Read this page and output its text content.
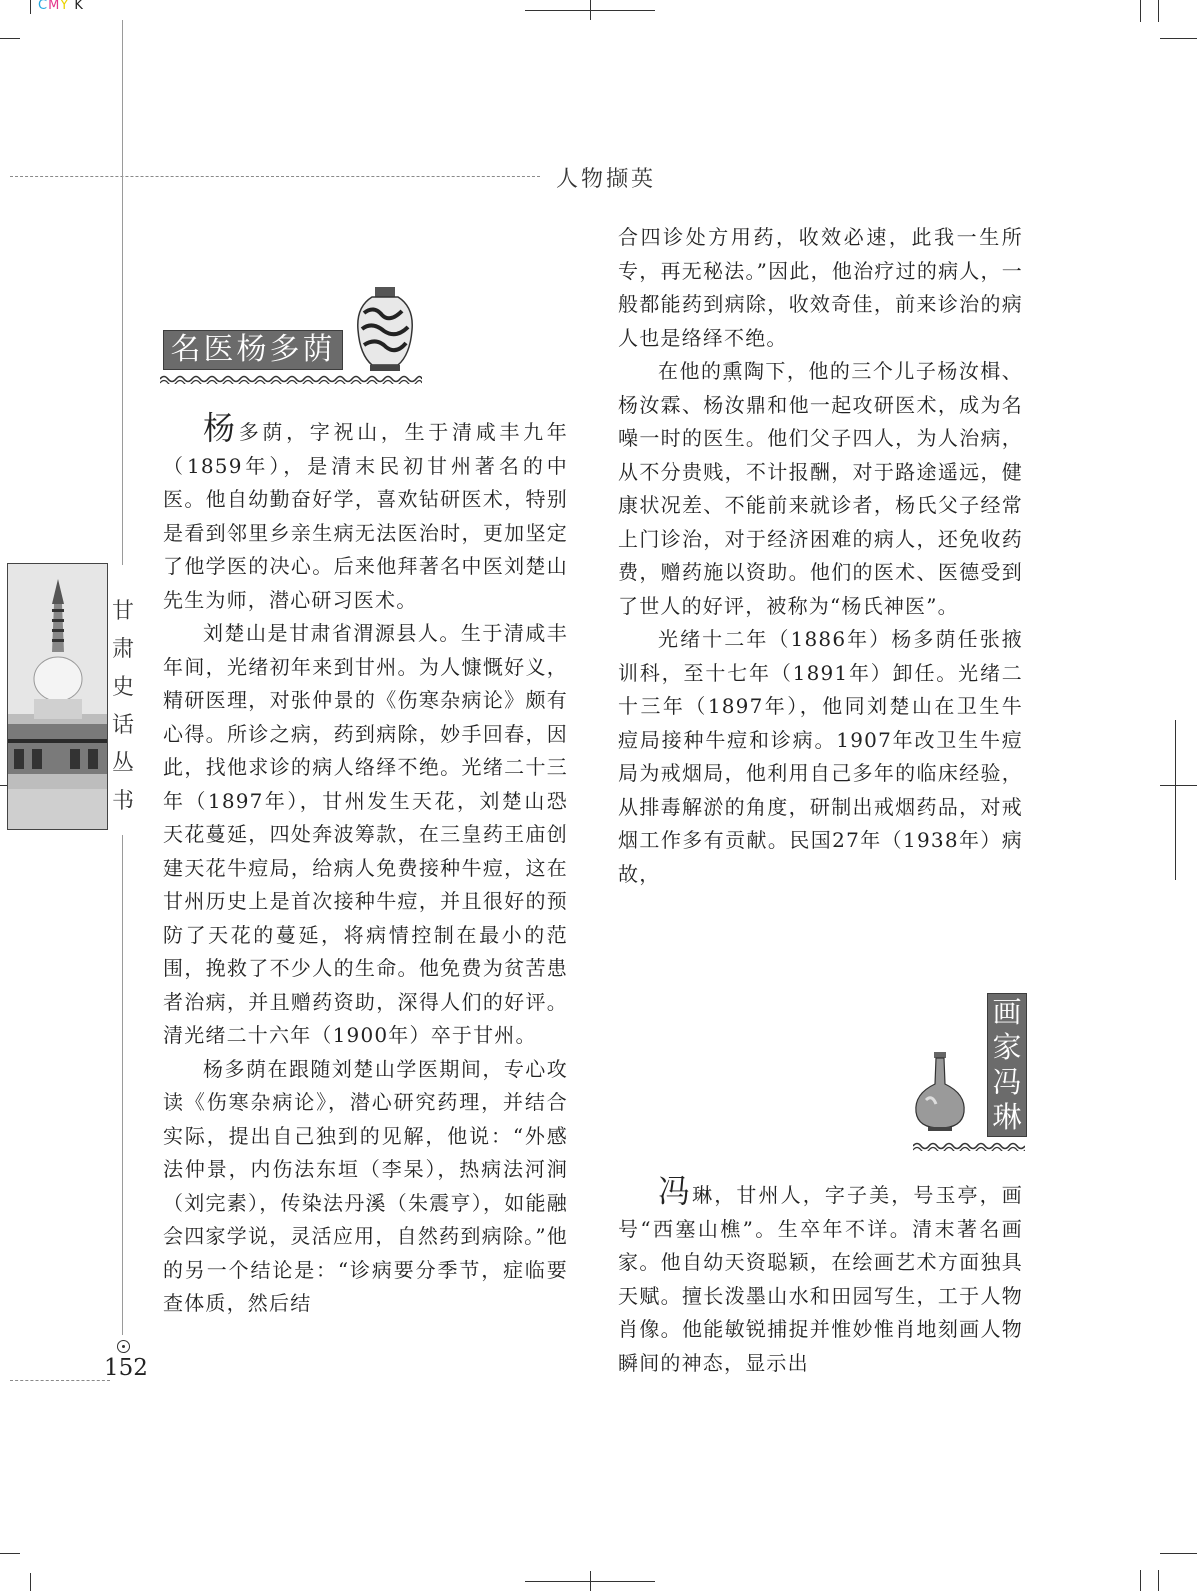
CMY K
人物撷英
甘
肃
史
话
丛
书
152
名医杨多荫

杨多荫，字祝山，生于清咸丰九年（1859年），是清末民初甘州著名的中医。他自幼勤奋好学，喜欢钻研医术，特别是看到邻里乡亲生病无法医治时，更加坚定了他学医的决心。后来他拜著名中医刘楚山先生为师，潜心研习医术。

刘楚山是甘肃省渭源县人。生于清咸丰年间，光绪初年来到甘州。为人慷慨好义，精研医理，对张仲景的《伤寒杂病论》颇有心得。所诊之病，药到病除，妙手回春，因此，找他求诊的病人络绎不绝。光绪二十三年（1897年），甘州发生天花，刘楚山恐天花蔓延，四处奔波筹款，在三皇药王庙创建天花牛痘局，给病人免费接种牛痘，这在甘州历史上是首次接种牛痘，并且很好的预防了天花的蔓延，将病情控制在最小的范围，挽救了不少人的生命。他免费为贫苦患者治病，并且赠药资助，深得人们的好评。清光绪二十六年（1900年）卒于甘州。

杨多荫在跟随刘楚山学医期间，专心攻读《伤寒杂病论》，潜心研究药理，并结合实际，提出自己独到的见解，他说：“外感法仲景，内伤法东垣（李杲），热病法河涧（刘完素），传染法丹溪（朱震亨），如能融会四家学说，灵活应用，自然药到病除。”他的另一个结论是：“诊病要分季节，症临要查体质，然后结

合四诊处方用药，收效必速，此我一生所专，再无秘法。”因此，他治疗过的病人，一般都能药到病除，收效奇佳，前来诊治的病人也是络绎不绝。

在他的熏陶下，他的三个儿子杨汝楫、杨汝霖、杨汝鼎和他一起攻研医术，成为名噪一时的医生。他们父子四人，为人治病，从不分贵贱，不计报酬，对于路途遥远，健康状况差、不能前来就诊者，杨氏父子经常上门诊治，对于经济困难的病人，还免收药费，赠药施以资助。他们的医术、医德受到了世人的好评，被称为“杨氏神医”。

光绪十二年（1886年）杨多荫任张掖训科，至十七年（1891年）卸任。光绪二十三年（1897年），他同刘楚山在卫生牛痘局接种牛痘和诊病。1907年改卫生牛痘局为戒烟局，他利用自己多年的临床经验，从排毒解淤的角度，研制出戒烟药品，对戒烟工作多有贡献。民国27年（1938年）病故，

画
家
冯
琳

冯琳，甘州人，字子美，号玉亭，画号“西塞山樵”。生卒年不详。清末著名画家。他自幼天资聪颖，在绘画艺术方面独具天赋。擅长泼墨山水和田园写生，工于人物肖像。他能敏锐捕捉并惟妙惟肖地刻画人物瞬间的神态，显示出
